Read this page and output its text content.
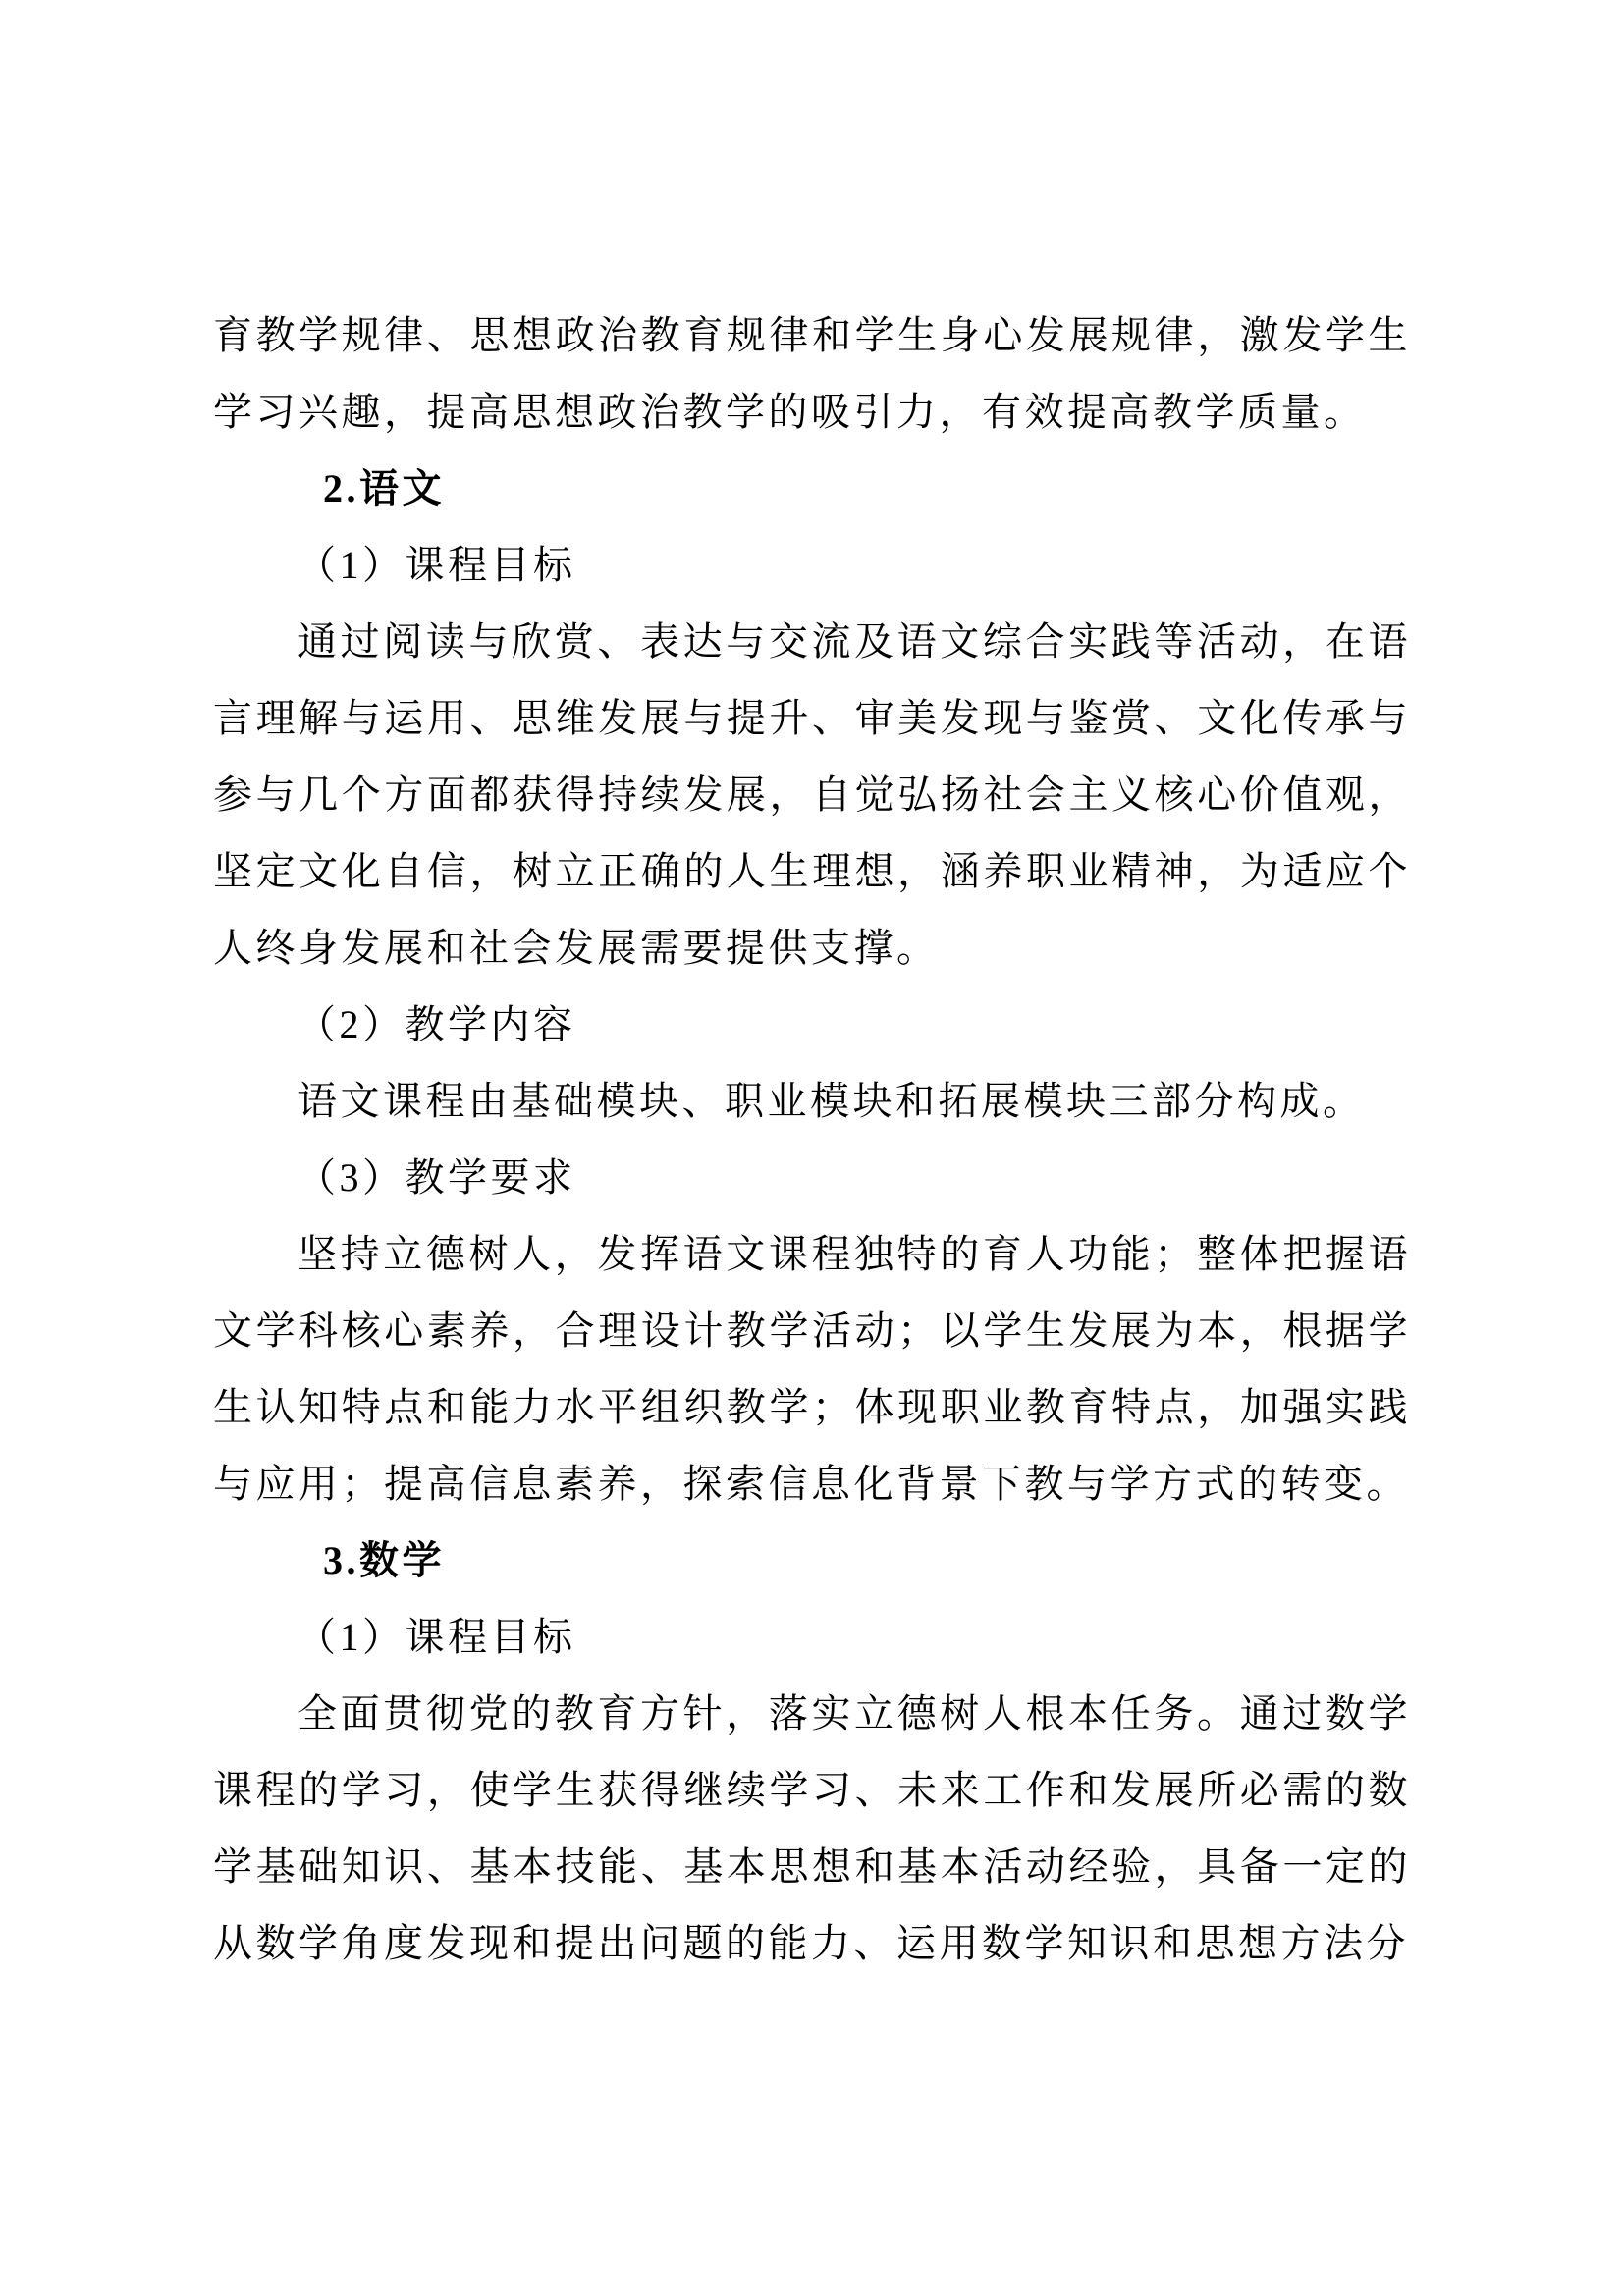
育教学规律、思想政治教育规律和学生身心发展规律，激发学生学习兴趣，提高思想政治教学的吸引力，有效提高教学质量。

2.语文

（1）课程目标

通过阅读与欣赏、表达与交流及语文综合实践等活动，在语言理解与运用、思维发展与提升、审美发现与鉴赏、文化传承与参与几个方面都获得持续发展，自觉弘扬社会主义核心价值观，坚定文化自信，树立正确的人生理想，涵养职业精神，为适应个人终身发展和社会发展需要提供支撑。

（2）教学内容

语文课程由基础模块、职业模块和拓展模块三部分构成。

（3）教学要求

坚持立德树人，发挥语文课程独特的育人功能；整体把握语文学科核心素养，合理设计教学活动；以学生发展为本，根据学生认知特点和能力水平组织教学；体现职业教育特点，加强实践与应用；提高信息素养，探索信息化背景下教与学方式的转变。

3.数学

（1）课程目标

全面贯彻党的教育方针，落实立德树人根本任务。通过数学课程的学习，使学生获得继续学习、未来工作和发展所必需的数学基础知识、基本技能、基本思想和基本活动经验，具备一定的从数学角度发现和提出问题的能力、运用数学知识和思想方法分
